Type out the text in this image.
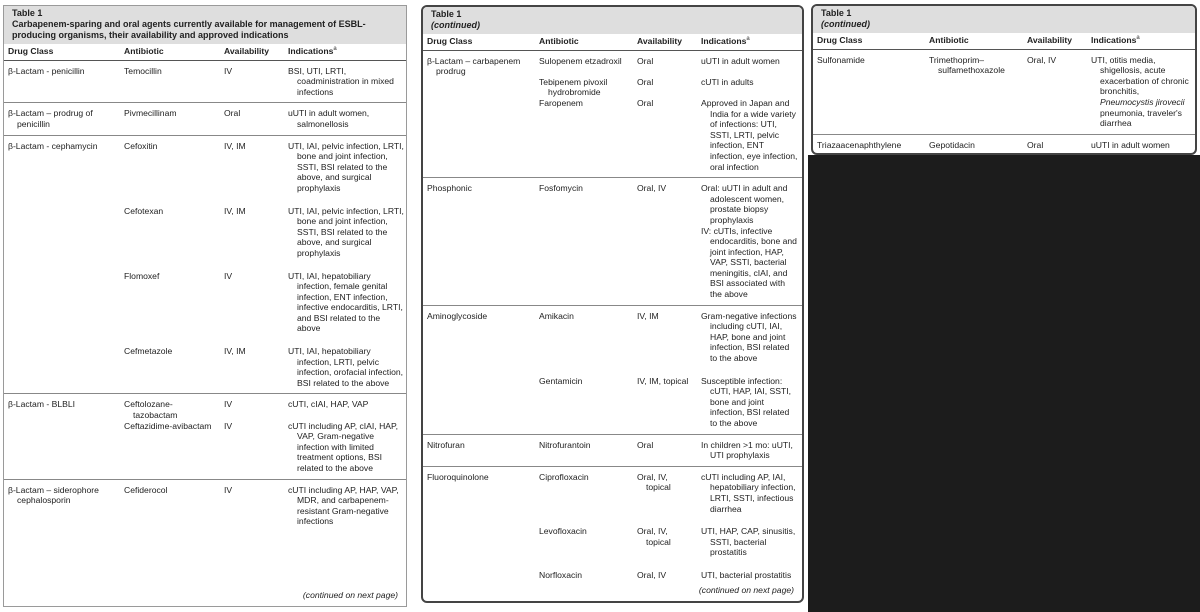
Table 1
Carbapenem-sparing and oral agents currently available for management of ESBL-producing organisms, their availability and approved indications
Drug Class	Antibiotic	Availability	Indications$^a$

β-Lactam - penicillin	Temocillin	IV	BSI, UTI, LRTI, coadministration in mixed infections

β-Lactam – prodrug of penicillin	Pivmecillinam	Oral	uUTI in adult women, salmonellosis

β-Lactam - cephamycin	Cefoxitin	IV, IM	UTI, IAI, pelvic infection, LRTI, bone and joint infection, SSTI, BSI related to the above, and surgical prophylaxis

	Cefotexan	IV, IM	UTI, IAI, pelvic infection, LRTI, bone and joint infection, SSTI, BSI related to the above, and surgical prophylaxis

	Flomoxef	IV	UTI, IAI, hepatobiliary infection, female genital infection, ENT infection, infective endocarditis, LRTI, and BSI related to the above

	Cefmetazole	IV, IM	UTI, IAI, hepatobiliary infection, LRTI, pelvic infection, orofacial infection, BSI related to the above

β-Lactam - BLBLI	Ceftolozane-tazobactam	IV	cUTI, cIAI, HAP, VAP

	Ceftazidime-avibactam	IV	cUTI including AP, cIAI, HAP, VAP, Gram-negative infection with limited treatment options, BSI related to the above

β-Lactam – siderophore cephalosporin	Cefiderocol	IV	cUTI including AP, HAP, VAP, MDR, and carbapenem-resistant Gram-negative infections
(continued on next page)
Table 1
(continued)
Drug Class	Antibiotic	Availability	Indications$^a$

β-Lactam – carbapenem prodrug	Sulopenem etzadroxil	Oral	uUTI in adult women

	Tebipenem pivoxil hydrobromide	Oral	cUTI in adults

	Faropenem	Oral	Approved in Japan and India for a wide variety of infections: UTI, SSTI, LRTI, pelvic infection, ENT infection, eye infection, oral infection

Phosphonic	Fosfomycin	Oral, IV	Oral: uUTI in adult and adolescent women, prostate biopsy prophylaxis
IV: cUTIs, infective endocarditis, bone and joint infection, HAP, VAP, SSTI, bacterial meningitis, cIAI, and BSI associated with the above

Aminoglycoside	Amikacin	IV, IM	Gram-negative infections including cUTI, IAI, HAP, bone and joint infection, BSI related to the above

	Gentamicin	IV, IM, topical	Susceptible infection: cUTI, HAP, IAI, SSTI, bone and joint infection, BSI related to the above

Nitrofuran	Nitrofurantoin	Oral	In children >1 mo: uUTI, UTI prophylaxis

Fluoroquinolone	Ciprofloxacin	Oral, IV, topical	cUTI including AP, IAI, hepatobiliary infection, LRTI, SSTI, infectious diarrhea

	Levofloxacin	Oral, IV, topical	UTI, HAP, CAP, sinusitis, SSTI, bacterial prostatitis

	Norfloxacin	Oral, IV	UTI, bacterial prostatitis
(continued on next page)
Table 1
(continued)
Drug Class	Antibiotic	Availability	Indications$^a$

Sulfonamide	Trimethoprim–sulfamethoxazole	Oral, IV	UTI, otitis media, shigellosis, acute exacerbation of chronic bronchitis, Pneumocystis jirovecii pneumonia, traveler's diarrhea

Triazaacenaphthylene	Gepotidacin	Oral	uUTI in adult women
